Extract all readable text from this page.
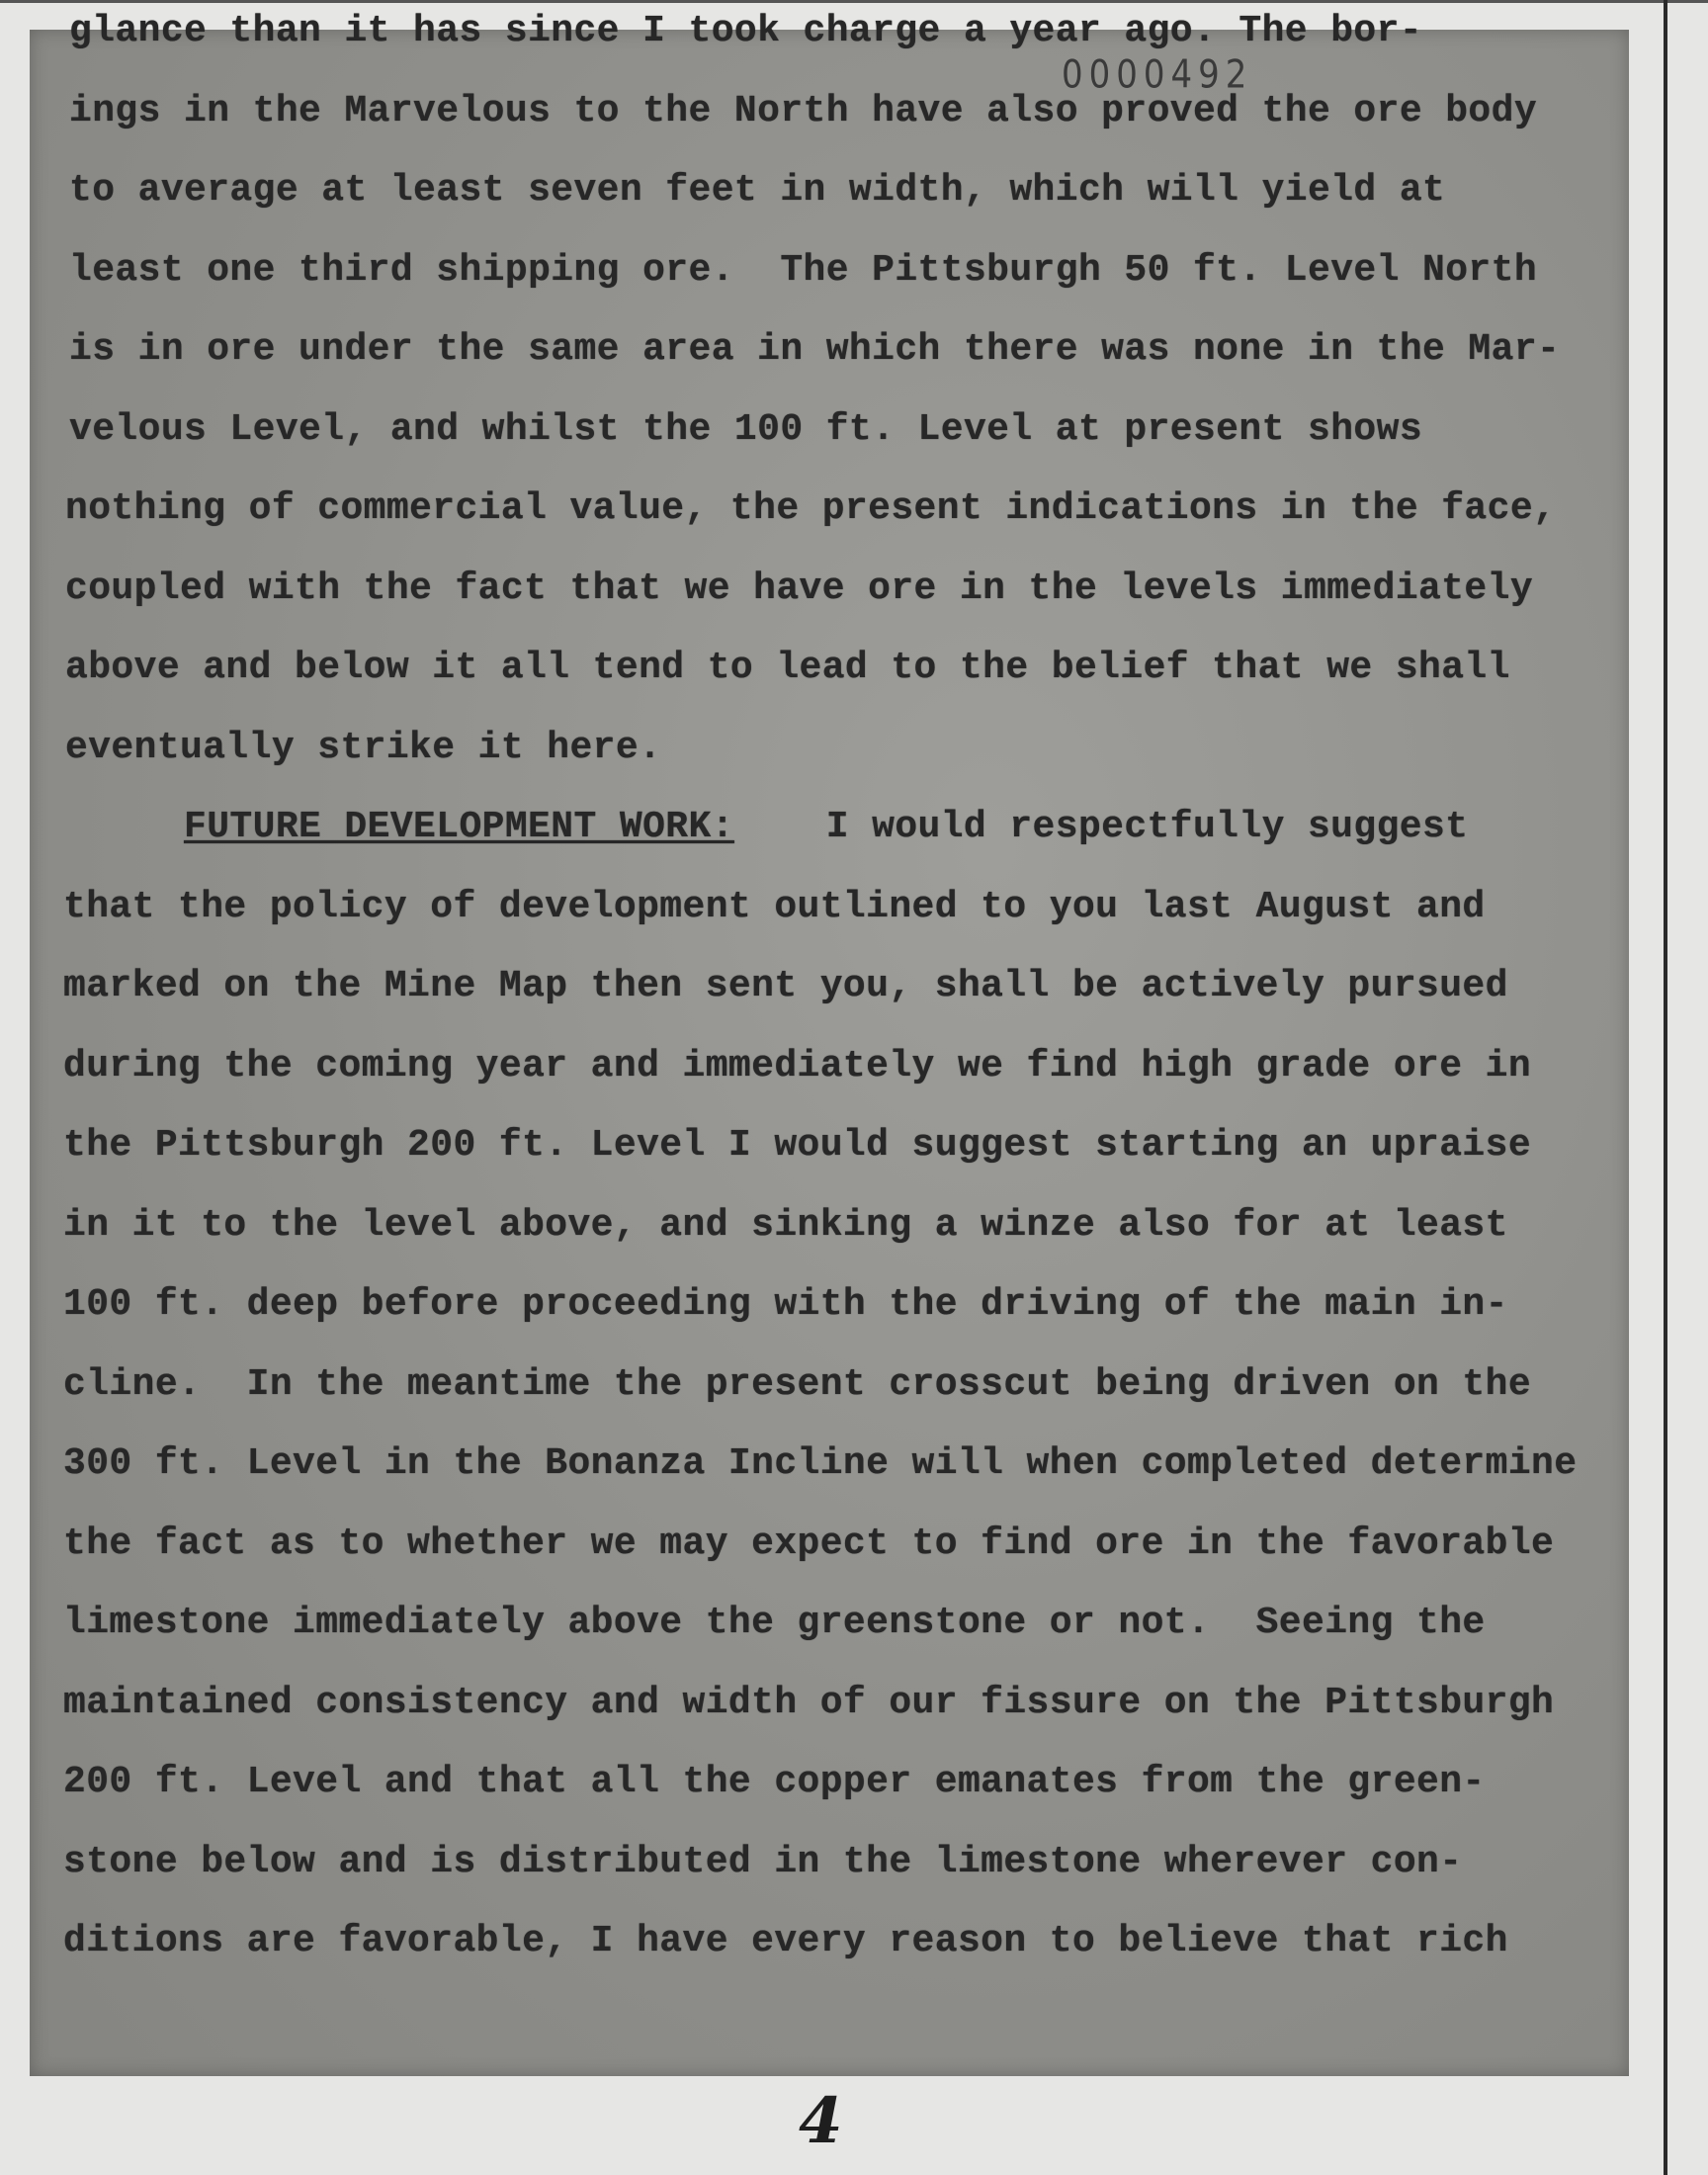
0000492
glance than it has since I took charge a year ago. The bor-
ings in the Marvelous to the North have also proved the ore body
to average at least seven feet in width, which will yield at
least one third shipping ore.  The Pittsburgh 50 ft. Level North
is in ore under the same area in which there was none in the Mar-
velous Level, and whilst the 100 ft. Level at present shows
nothing of commercial value, the present indications in the face,
coupled with the fact that we have ore in the levels immediately
above and below it all tend to lead to the belief that we shall
eventually strike it here.
FUTURE DEVELOPMENT WORK:    I would respectfully suggest
that the policy of development outlined to you last August and
marked on the Mine Map then sent you, shall be actively pursued
during the coming year and immediately we find high grade ore in
the Pittsburgh 200 ft. Level I would suggest starting an upraise
in it to the level above, and sinking a winze also for at least
100 ft. deep before proceeding with the driving of the main in-
cline.  In the meantime the present crosscut being driven on the
300 ft. Level in the Bonanza Incline will when completed determine
the fact as to whether we may expect to find ore in the favorable
limestone immediately above the greenstone or not.  Seeing the
maintained consistency and width of our fissure on the Pittsburgh
200 ft. Level and that all the copper emanates from the green-
stone below and is distributed in the limestone wherever con-
ditions are favorable, I have every reason to believe that rich
4
